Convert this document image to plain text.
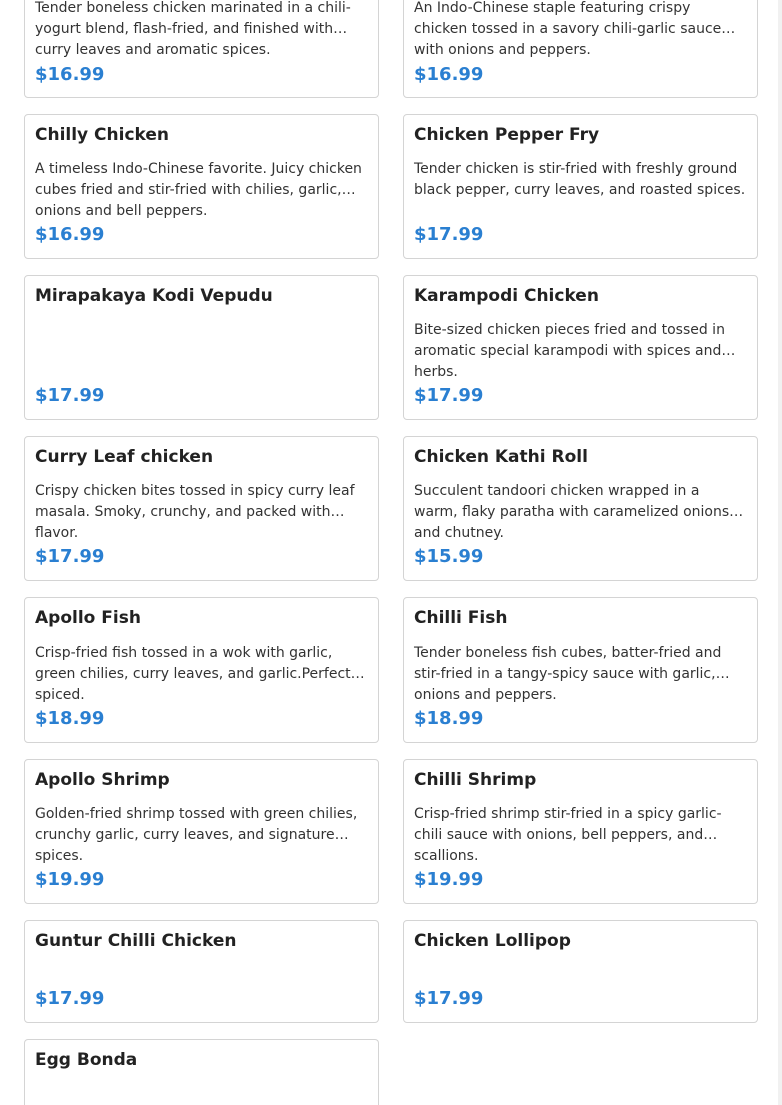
Tender boneless chicken marinated in a chili-yogurt blend, flash-fried, and finished with curry leaves and aromatic spices.
$16.99
An Indo-Chinese staple featuring crispy chicken tossed in a savory chili-garlic sauce with onions and peppers.
$16.99
Chilly Chicken
A timeless Indo-Chinese favorite. Juicy chicken cubes fried and stir-fried with chilies, garlic, onions and bell peppers.
$16.99
Chicken Pepper Fry
Tender chicken is stir-fried with freshly ground black pepper, curry leaves, and roasted spices.
$17.99
Mirapakaya Kodi Vepudu
$17.99
Karampodi Chicken
Bite-sized chicken pieces fried and tossed in aromatic special karampodi with spices and herbs.
$17.99
Curry Leaf chicken
Crispy chicken bites tossed in spicy curry leaf masala. Smoky, crunchy, and packed with flavor.
$17.99
Chicken Kathi Roll
Succulent tandoori chicken wrapped in a warm, flaky paratha with caramelized onions and chutney.
$15.99
Apollo Fish
Crisp-fried fish tossed in a wok with garlic, green chilies, curry leaves, and garlic.Perfectly spiced.
$18.99
Chilli Fish
Tender boneless fish cubes, batter-fried and stir-fried in a tangy-spicy sauce with garlic, onions and peppers.
$18.99
Apollo Shrimp
Golden-fried shrimp tossed with green chilies, crunchy garlic, curry leaves, and signature spices.
$19.99
Chilli Shrimp
Crisp-fried shrimp stir-fried in a spicy garlic-chili sauce with onions, bell peppers, and scallions.
$19.99
Guntur Chilli Chicken
$17.99
Chicken Lollipop
$17.99
Egg Bonda
